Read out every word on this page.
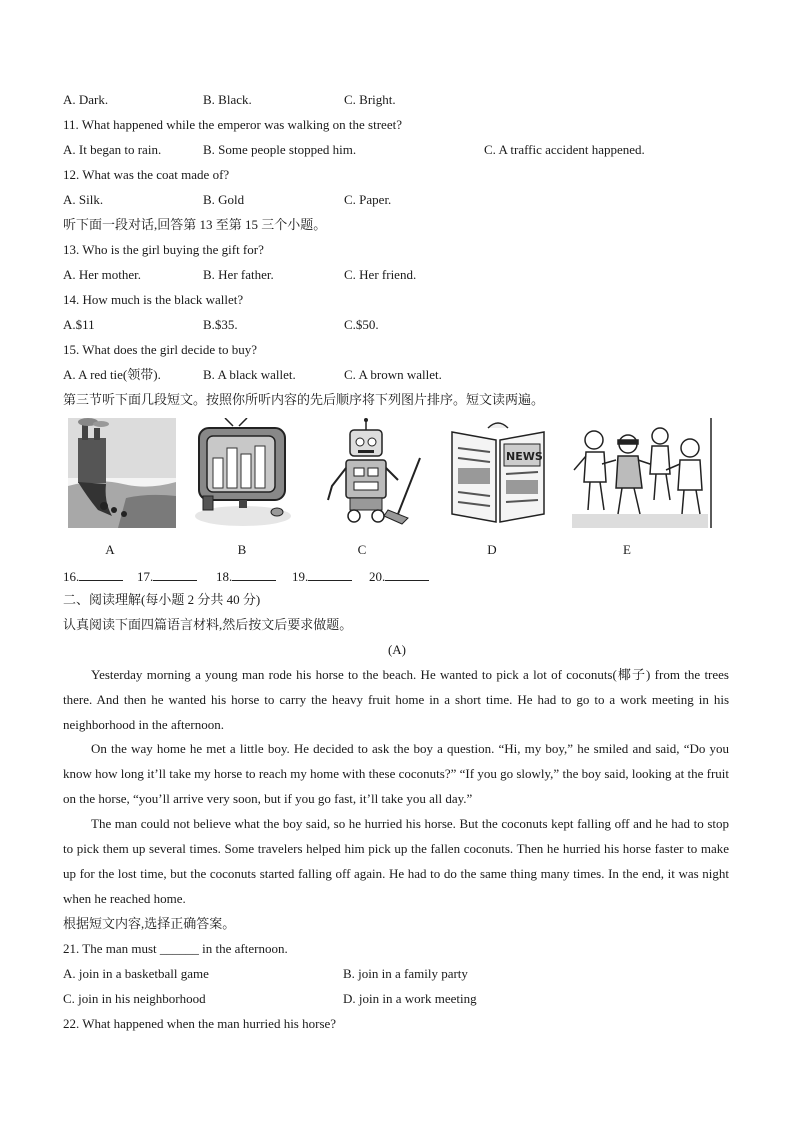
A. Dark.	B. Black.	C. Bright.
11. What happened while the emperor was walking on the street?
A. It began to rain.	B. Some people stopped him.	C. A traffic accident happened.
12. What was the coat made of?
A. Silk.	B. Gold	C. Paper.
听下面一段对话,回答第 13 至第 15 三个小题。
13. Who is the girl buying the gift for?
A. Her mother.	B. Her father.	C. Her friend.
14. How much is the black wallet?
A.$11	B.$35.	C.$50.
15. What does the girl decide to buy?
A. A red tie(领带).	B. A black wallet.	C. A brown wallet.
第三节听下面几段短文。按照你所听内容的先后顺序将下列图片排序。短文读两遍。
NEWS
A	B	C	D	E
16.	17.	18.	19.	20.
二、阅读理解(每小题 2 分共 40 分)
认真阅读下面四篇语言材料,然后按文后要求做题。
(A)
Yesterday morning a young man rode his horse to the beach. He wanted to pick a lot of coconuts(椰子) from the trees there. And then he wanted his horse to carry the heavy fruit home in a short time. He had to go to a work meeting in his neighborhood in the afternoon.
On the way home he met a little boy. He decided to ask the boy a question. “Hi, my boy,” he smiled and said, “Do you know how long it’ll take my horse to reach my home with these coconuts?” “If you go slowly,” the boy said, looking at the fruit on the horse, “you’ll arrive very soon, but if you go fast, it’ll take you all day.”
The man could not believe what the boy said, so he hurried his horse. But the coconuts kept falling off and he had to stop to pick them up several times. Some travelers helped him pick up the fallen coconuts. Then he hurried his horse faster to make up for the lost time, but the coconuts started falling off again. He had to do the same thing many times. In the end, it was night when he reached home.
根据短文内容,选择正确答案。
21. The man must ______ in the afternoon.
A. join in a basketball game	B. join in a family party
C. join in his neighborhood	D. join in a work meeting
22. What happened when the man hurried his horse?
